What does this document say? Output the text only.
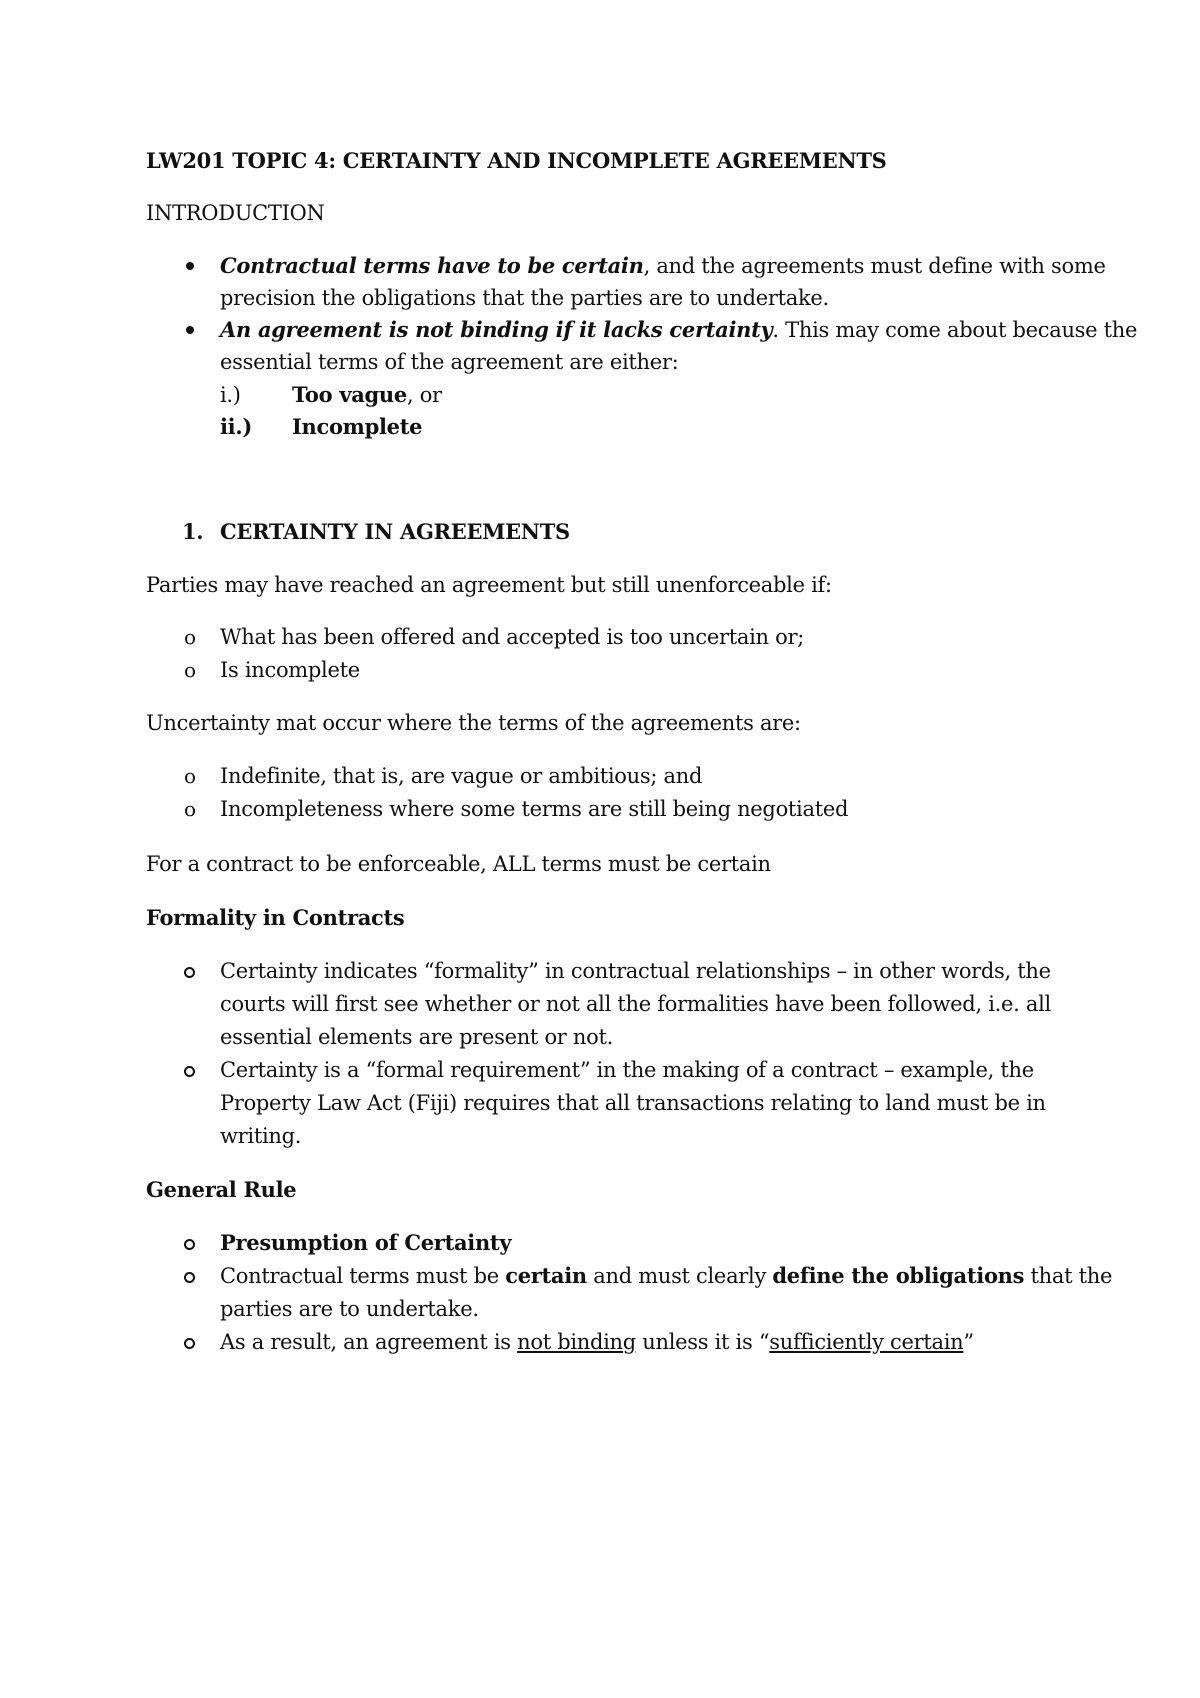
LW201 TOPIC 4: CERTAINTY AND INCOMPLETE AGREEMENTS
INTRODUCTION
Contractual terms have to be certain, and the agreements must define with some
precision the obligations that the parties are to undertake.
An agreement is not binding if it lacks certainty. This may come about because the
essential terms of the agreement are either:
i.) Too vague, or
ii.) Incomplete
1. CERTAINTY IN AGREEMENTS
Parties may have reached an agreement but still unenforceable if:
o What has been offered and accepted is too uncertain or;
o Is incomplete
Uncertainty mat occur where the terms of the agreements are:
o Indefinite, that is, are vague or ambitious; and
o Incompleteness where some terms are still being negotiated
For a contract to be enforceable, ALL terms must be certain
Formality in Contracts
Certainty indicates “formality” in contractual relationships – in other words, the
courts will first see whether or not all the formalities have been followed, i.e. all
essential elements are present or not.
Certainty is a “formal requirement” in the making of a contract – example, the
Property Law Act (Fiji) requires that all transactions relating to land must be in
writing.
General Rule
Presumption of Certainty
Contractual terms must be certain and must clearly define the obligations that the
parties are to undertake.
As a result, an agreement is not binding unless it is “sufficiently certain”
